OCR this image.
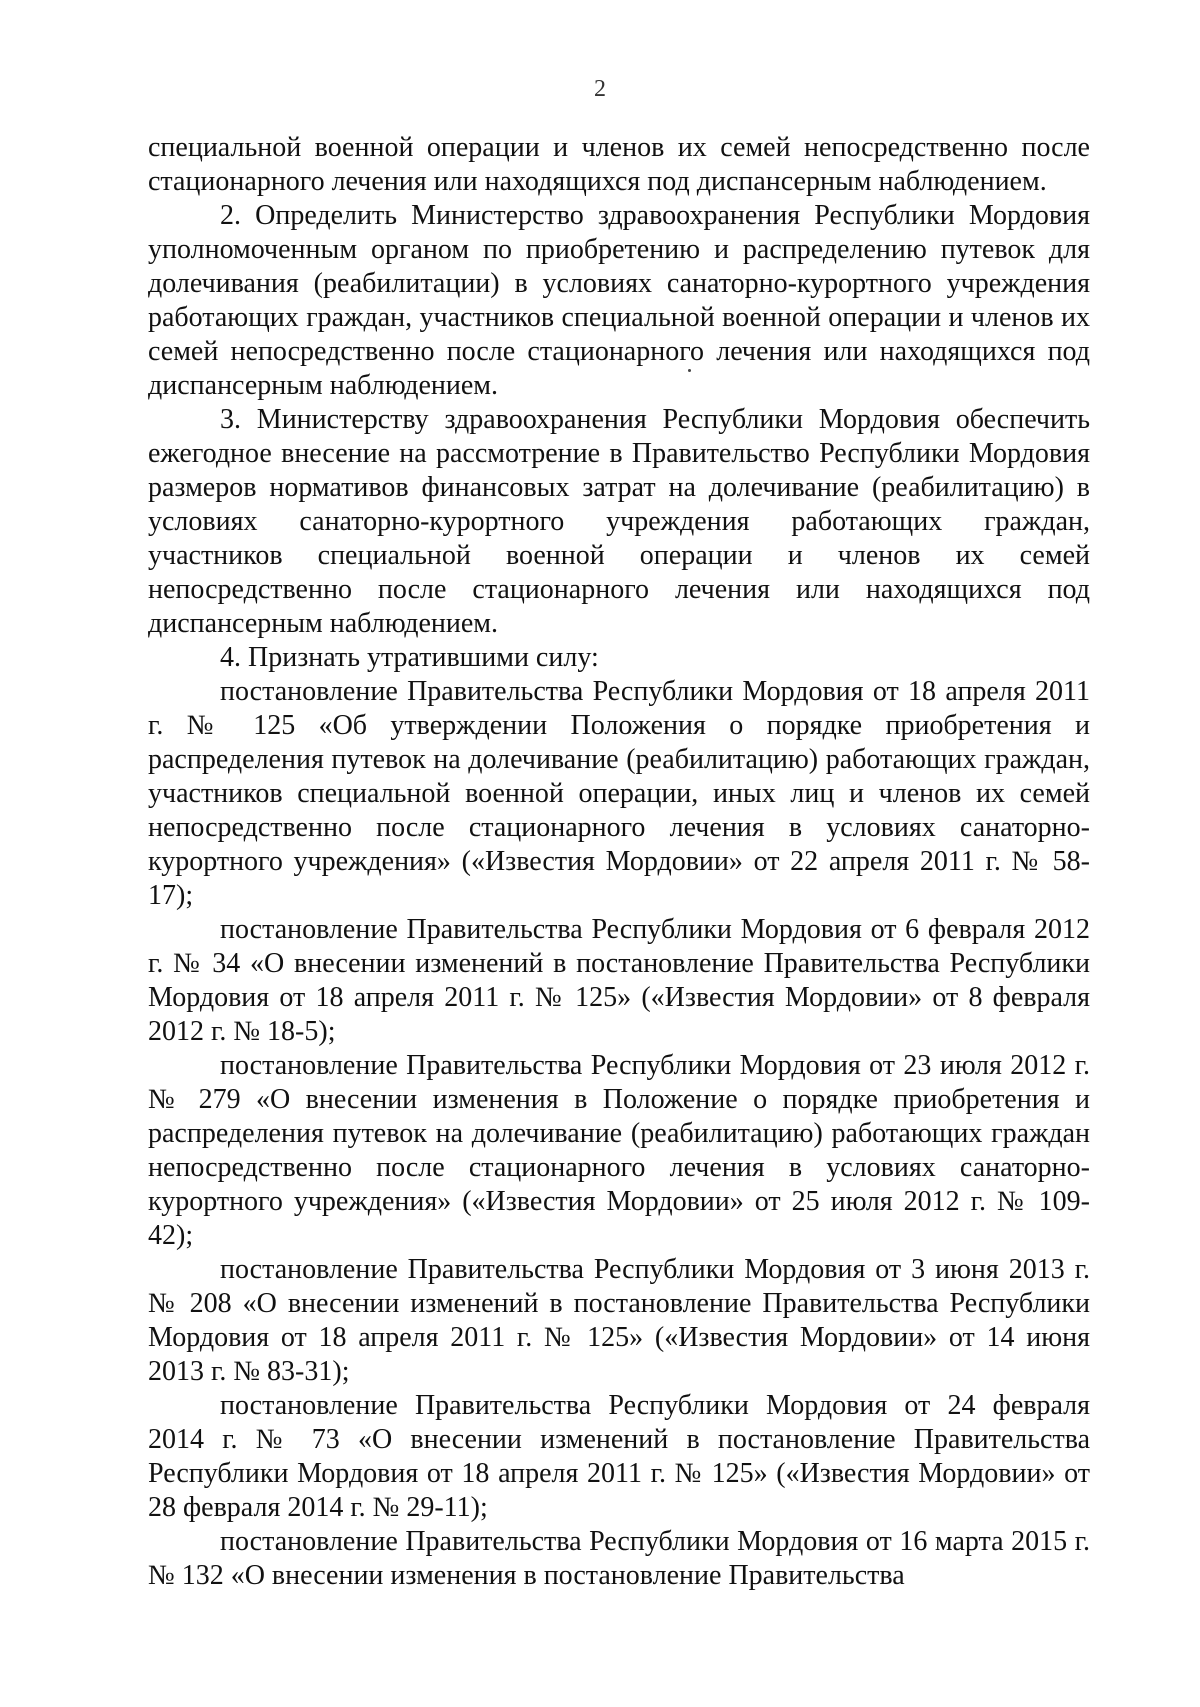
2

специальной военной операции и членов их семей непосредственно после стационарного лечения или находящихся под диспансерным наблюдением.

2. Определить Министерство здравоохранения Республики Мордовия уполномоченным органом по приобретению и распределению путевок для долечивания (реабилитации) в условиях санаторно-курортного учреждения работающих граждан, участников специальной военной операции и членов их семей непосредственно после стационарного лечения или находящихся под диспансерным наблюдением.

3. Министерству здравоохранения Республики Мордовия обеспечить ежегодное внесение на рассмотрение в Правительство Республики Мордовия размеров нормативов финансовых затрат на долечивание (реабилитацию) в условиях санаторно-курортного учреждения работающих граждан, участников специальной военной операции и членов их семей непосредственно после стационарного лечения или находящихся под диспансерным наблюдением.

4. Признать утратившими силу:

постановление Правительства Республики Мордовия от 18 апреля 2011 г. № 125 «Об утверждении Положения о порядке приобретения и распределения путевок на долечивание (реабилитацию) работающих граждан, участников специальной военной операции, иных лиц и членов их семей непосредственно после стационарного лечения в условиях санаторно-курортного учреждения» («Известия Мордовии» от 22 апреля 2011 г. № 58-17);

постановление Правительства Республики Мордовия от 6 февраля 2012 г. № 34 «О внесении изменений в постановление Правительства Республики Мордовия от 18 апреля 2011 г. № 125» («Известия Мордовии» от 8 февраля 2012 г. № 18-5);

постановление Правительства Республики Мордовия от 23 июля 2012 г. № 279 «О внесении изменения в Положение о порядке приобретения и распределения путевок на долечивание (реабилитацию) работающих граждан непосредственно после стационарного лечения в условиях санаторно-курортного учреждения» («Известия Мордовии» от 25 июля 2012 г. № 109-42);

постановление Правительства Республики Мордовия от 3 июня 2013 г. № 208 «О внесении изменений в постановление Правительства Республики Мордовия от 18 апреля 2011 г. № 125» («Известия Мордовии» от 14 июня 2013 г. № 83-31);

постановление Правительства Республики Мордовия от 24 февраля 2014 г. № 73 «О внесении изменений в постановление Правительства Республики Мордовия от 18 апреля 2011 г. № 125» («Известия Мордовии» от 28 февраля 2014 г. № 29-11);

постановление Правительства Республики Мордовия от 16 марта 2015 г. № 132 «О внесении изменения в постановление Правительства
